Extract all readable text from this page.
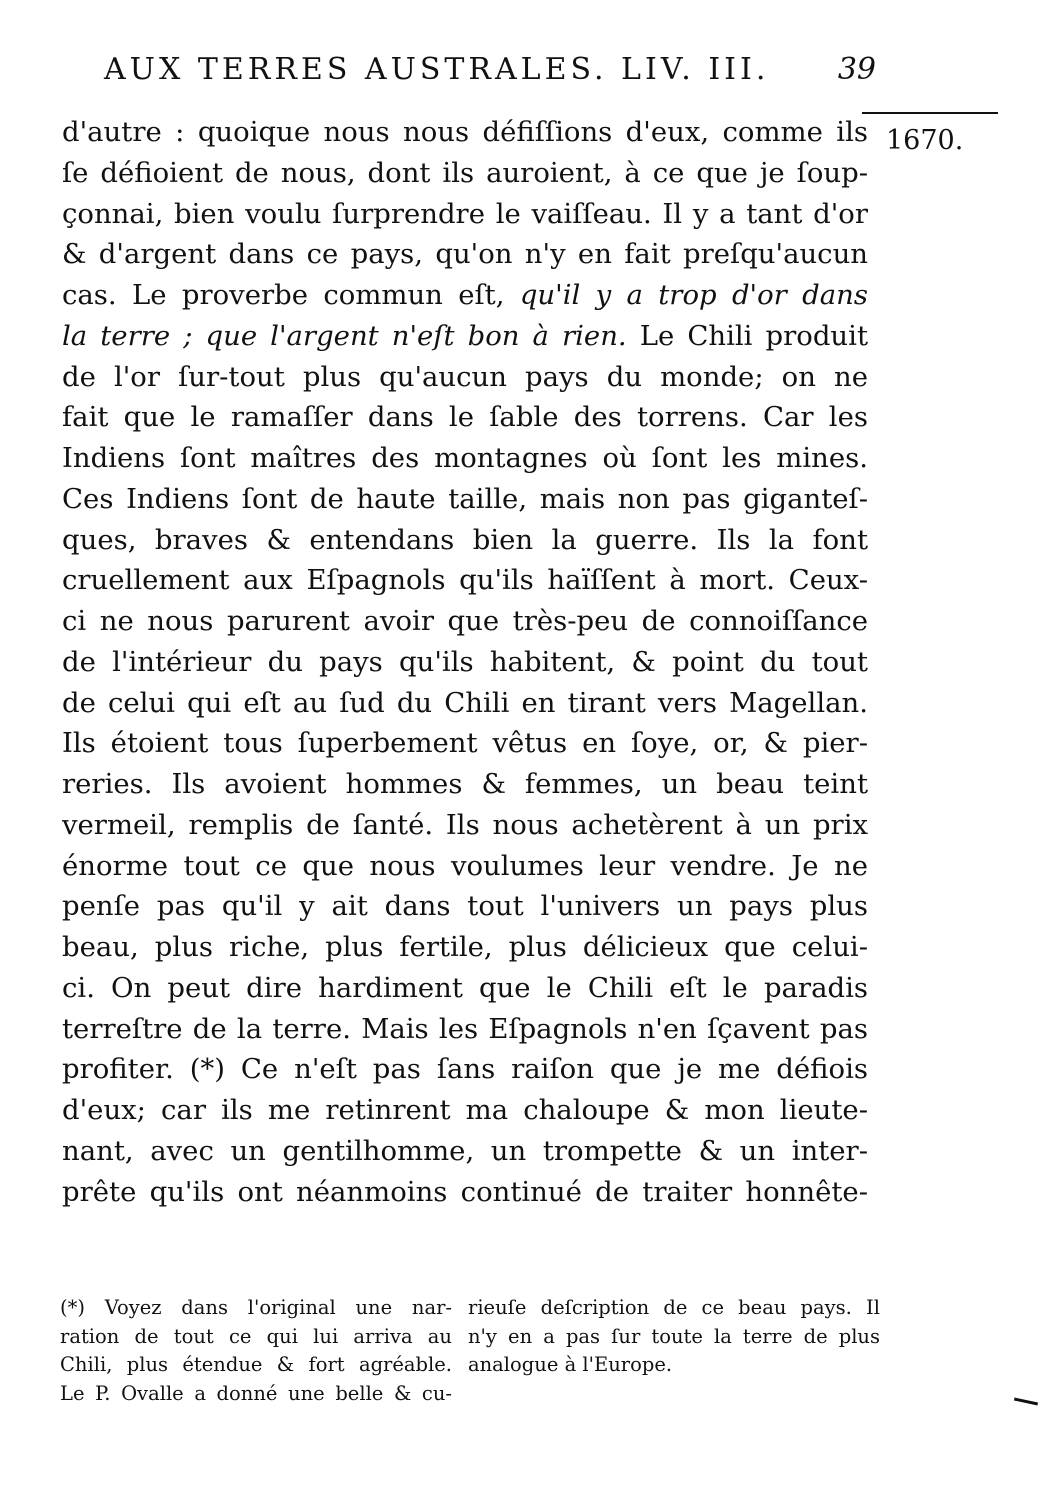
AUX TERRES AUSTRALES. LIV. III. 39
1670.
d'autre : quoique nous nous défiſſions d'eux, comme ils
ſe défioient de nous, dont ils auroient, à ce que je ſoup-
çonnai, bien voulu ſurprendre le vaiſſeau. Il y a tant d'or
& d'argent dans ce pays, qu'on n'y en fait preſqu'aucun
cas. Le proverbe commun eſt, qu'il y a trop d'or dans
la terre ; que l'argent n'eſt bon à rien. Le Chili produit
de l'or ſur-tout plus qu'aucun pays du monde; on ne
fait que le ramaſſer dans le ſable des torrens. Car les
Indiens ſont maîtres des montagnes où ſont les mines.
Ces Indiens ſont de haute taille, mais non pas giganteſ-
ques, braves & entendans bien la guerre. Ils la font
cruellement aux Eſpagnols qu'ils haïſſent à mort. Ceux-
ci ne nous parurent avoir que très-peu de connoiſſance
de l'intérieur du pays qu'ils habitent, & point du tout
de celui qui eſt au ſud du Chili en tirant vers Magellan.
Ils étoient tous ſuperbement vêtus en ſoye, or, & pier-
reries. Ils avoient hommes & femmes, un beau teint
vermeil, remplis de ſanté. Ils nous achetèrent à un prix
énorme tout ce que nous voulumes leur vendre. Je ne
penſe pas qu'il y ait dans tout l'univers un pays plus
beau, plus riche, plus fertile, plus délicieux que celui-
ci. On peut dire hardiment que le Chili eſt le paradis
terreſtre de la terre. Mais les Eſpagnols n'en ſçavent pas
profiter. (*) Ce n'eſt pas ſans raiſon que je me défiois
d'eux; car ils me retinrent ma chaloupe & mon lieute-
nant, avec un gentilhomme, un trompette & un inter-
prête qu'ils ont néanmoins continué de traiter honnête-
(*) Voyez dans l'original une nar-
ration de tout ce qui lui arriva au
Chili, plus étendue & fort agréable.
Le P. Ovalle a donné une belle & cu-
rieuſe deſcription de ce beau pays. Il
n'y en a pas ſur toute la terre de plus
analogue à l'Europe.
